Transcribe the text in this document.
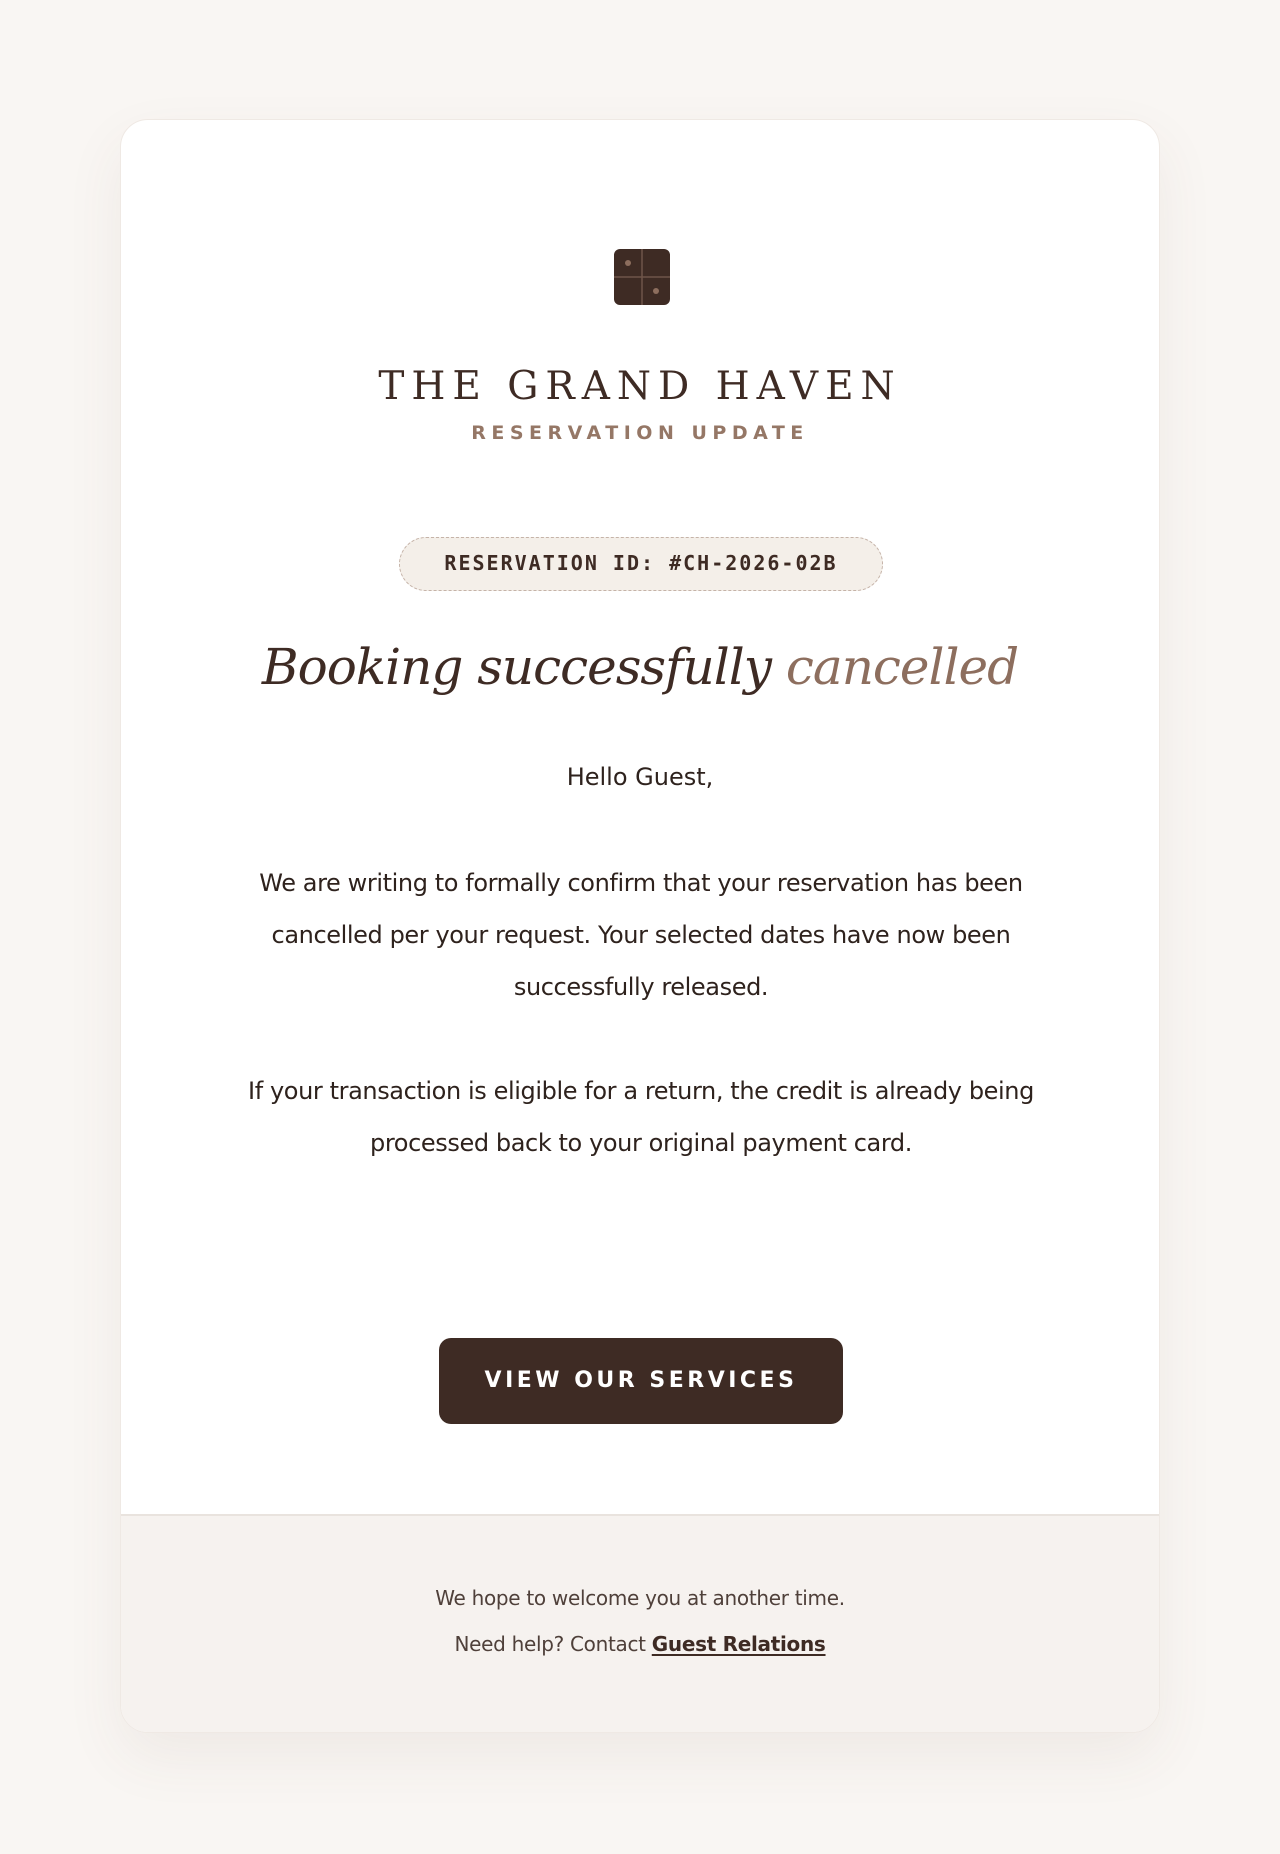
THE GRAND HAVEN
RESERVATION UPDATE
RESERVATION ID: #CH-2026-02B
Booking successfully cancelled
Hello Guest,
We are writing to formally confirm that your reservation has been cancelled per your request. Your selected dates have now been successfully released.
If your transaction is eligible for a return, the credit is already being processed back to your original payment card.
VIEW OUR SERVICES
We hope to welcome you at another time.
Need help? Contact Guest Relations
